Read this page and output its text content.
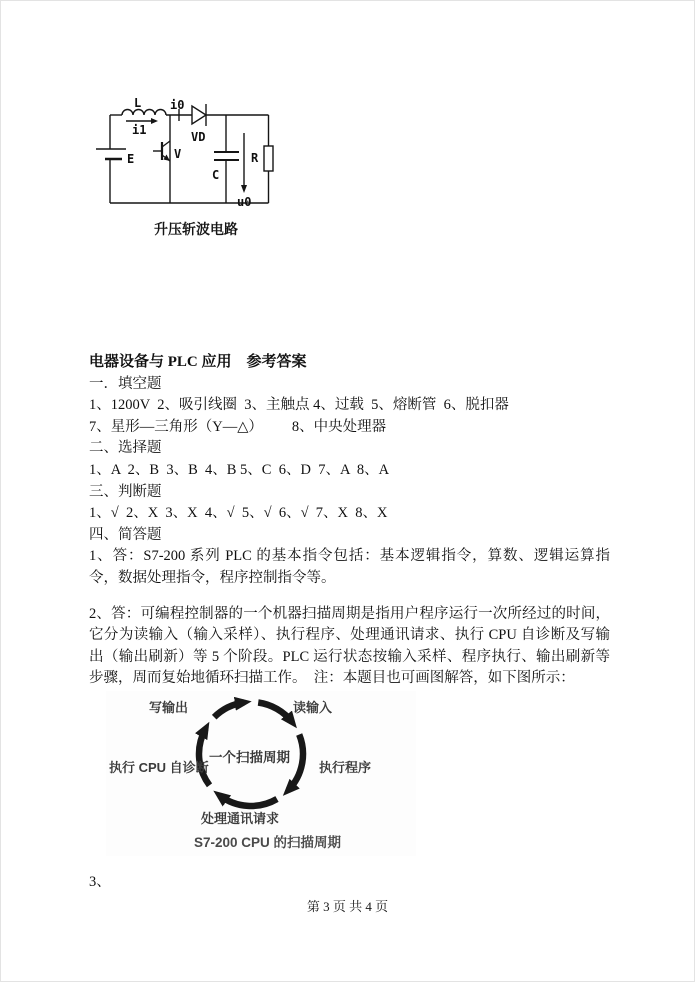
L
i1
i0
VD
E	V
C
R
u0
升压斩波电路
电器设备与 PLC 应用　参考答案
一．填空题
1、1200V  2、吸引线圈  3、主触点 4、过载  5、熔断管  6、脱扣器
7、星形—三角形（Y—△）        8、中央处理器
二、选择题
1、A  2、B  3、B  4、B 5、C  6、D  7、A  8、A
三、判断题
1、√  2、X  3、X  4、√  5、√  6、√  7、X  8、X
四、简答题
1、答：S7-200 系列 PLC 的基本指令包括：基本逻辑指令，算数、逻辑运算指令，数据处理指令，程序控制指令等。
2、答：可编程控制器的一个机器扫描周期是指用户程序运行一次所经过的时间，它分为读输入（输入采样）、执行程序、处理通讯请求、执行 CPU 自诊断及写输出（输出刷新）等 5 个阶段。PLC 运行状态按输入采样、程序执行、输出刷新等步骤，周而复始地循环扫描工作。  注：本题目也可画图解答，如下图所示：
写输出	读输入
执行程序
处理通讯请求
执行 CPU 自诊断
一个扫描周期
S7-200 CPU 的扫描周期
3、
第 3 页 共 4 页
